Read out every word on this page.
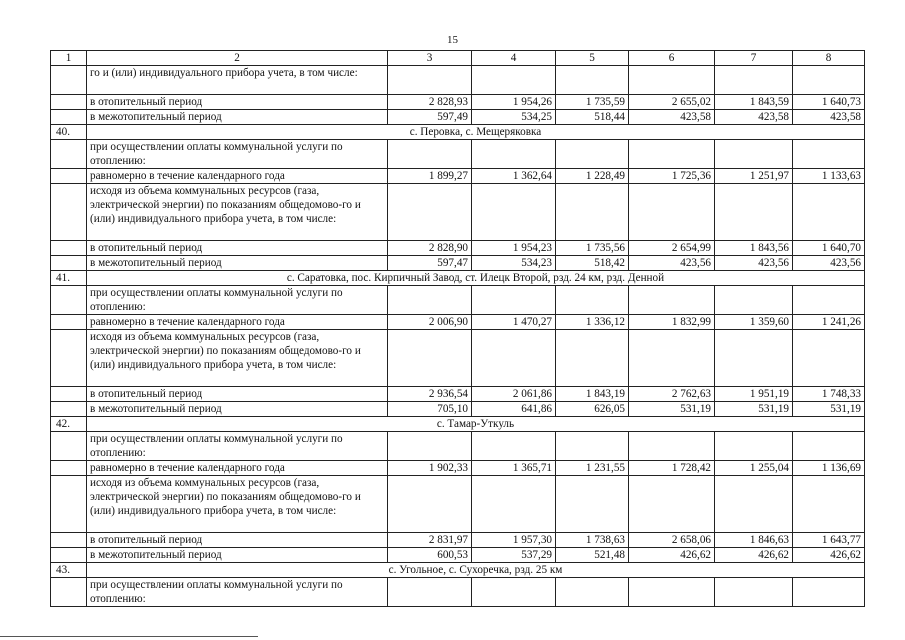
15
1	2	3	4	5	6	7	8
	го и (или) индивидуального прибора учета, в том числе:						
	в отопительный период	2 828,93	1 954,26	1 735,59	2 655,02	1 843,59	1 640,73
	в межотопительный период	597,49	534,25	518,44	423,58	423,58	423,58
40.	с. Перовка, с. Мещеряковка						
	при осуществлении оплаты коммунальной услуги по отоплению:						
	равномерно в течение календарного года	1 899,27	1 362,64	1 228,49	1 725,36	1 251,97	1 133,63
	исходя из объема коммунальных ресурсов (газа, электрической энергии) по показаниям общедомово-го и (или) индивидуального прибора учета, в том числе:						
	в отопительный период	2 828,90	1 954,23	1 735,56	2 654,99	1 843,56	1 640,70
	в межотопительный период	597,47	534,23	518,42	423,56	423,56	423,56
41.	с. Саратовка, пос. Кирпичный Завод, ст. Илецк Второй, рзд. 24 км, рзд. Денной						
	при осуществлении оплаты коммунальной услуги по отоплению:						
	равномерно в течение календарного года	2 006,90	1 470,27	1 336,12	1 832,99	1 359,60	1 241,26
	исходя из объема коммунальных ресурсов (газа, электрической энергии) по показаниям общедомово-го и (или) индивидуального прибора учета, в том числе:						
	в отопительный период	2 936,54	2 061,86	1 843,19	2 762,63	1 951,19	1 748,33
	в межотопительный период	705,10	641,86	626,05	531,19	531,19	531,19
42.	с. Тамар-Уткуль						
	при осуществлении оплаты коммунальной услуги по отоплению:						
	равномерно в течение календарного года	1 902,33	1 365,71	1 231,55	1 728,42	1 255,04	1 136,69
	исходя из объема коммунальных ресурсов (газа, электрической энергии) по показаниям общедомово-го и (или) индивидуального прибора учета, в том числе:						
	в отопительный период	2 831,97	1 957,30	1 738,63	2 658,06	1 846,63	1 643,77
	в межотопительный период	600,53	537,29	521,48	426,62	426,62	426,62
43.	с. Угольное, с. Сухоречка, рзд. 25 км						
	при осуществлении оплаты коммунальной услуги по отоплению:						
